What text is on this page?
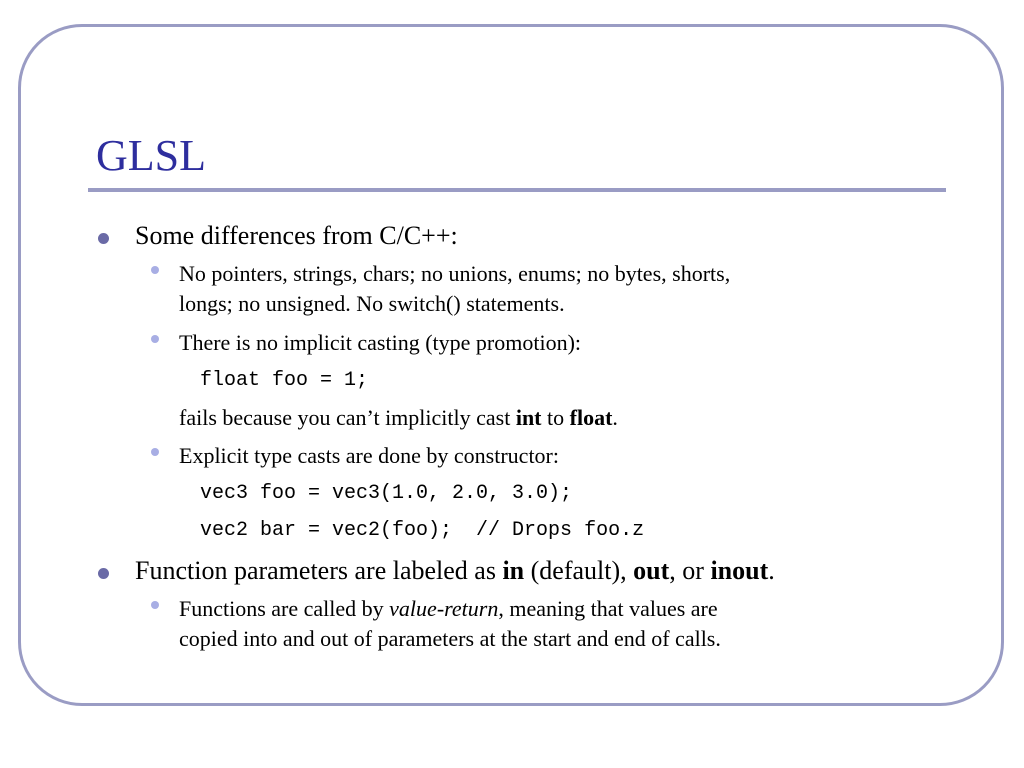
GLSL

Some differences from C/C++:

No pointers, strings, chars; no unions, enums; no bytes, shorts,

longs; no unsigned. No switch() statements.

There is no implicit casting (type promotion):

float foo = 1;

fails because you can’t implicitly cast int to float.

Explicit type casts are done by constructor:

vec3 foo = vec3(1.0, 2.0, 3.0);

vec2 bar = vec2(foo);  // Drops foo.z

Function parameters are labeled as in (default), out, or inout.

Functions are called by value-return, meaning that values are

copied into and out of parameters at the start and end of calls.
